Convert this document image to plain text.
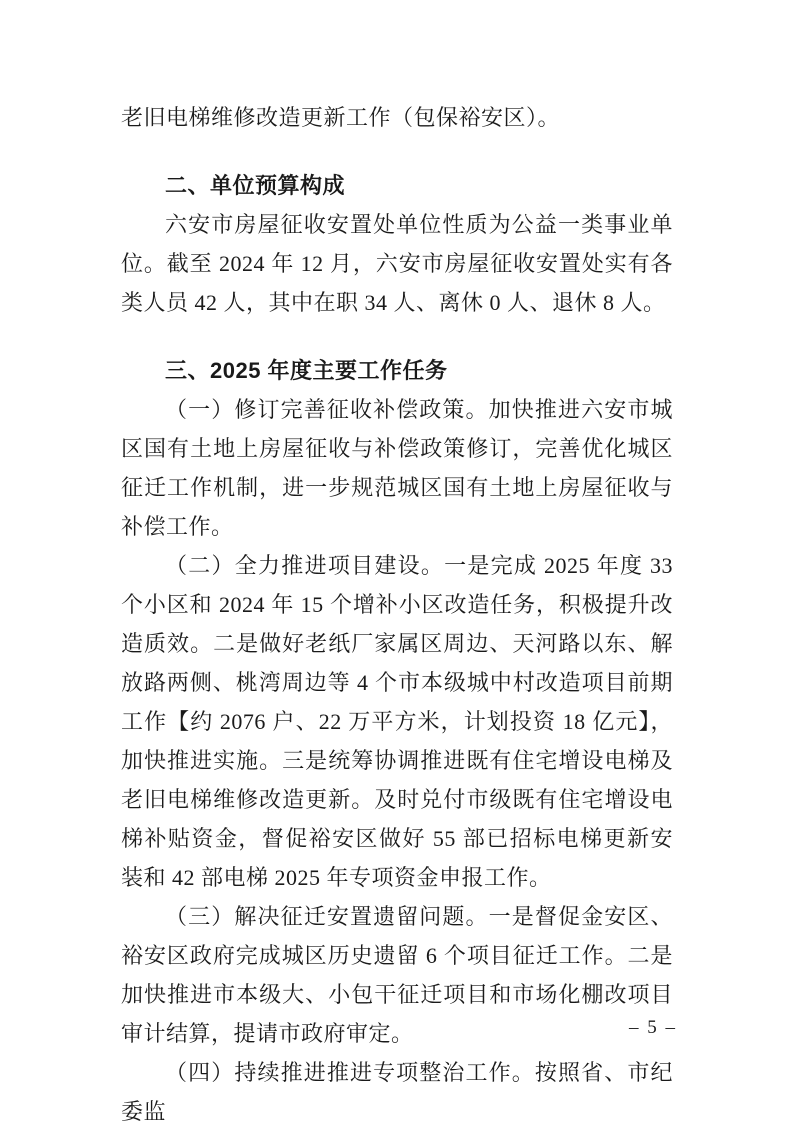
老旧电梯维修改造更新工作（包保裕安区）。

二、单位预算构成

六安市房屋征收安置处单位性质为公益一类事业单位。截至 2024 年 12 月，六安市房屋征收安置处实有各类人员 42 人，其中在职 34 人、离休 0 人、退休 8 人。

三、2025 年度主要工作任务

（一）修订完善征收补偿政策。加快推进六安市城区国有土地上房屋征收与补偿政策修订，完善优化城区征迁工作机制，进一步规范城区国有土地上房屋征收与补偿工作。

（二）全力推进项目建设。一是完成 2025 年度 33 个小区和 2024 年 15 个增补小区改造任务，积极提升改造质效。二是做好老纸厂家属区周边、天河路以东、解放路两侧、桃湾周边等 4 个市本级城中村改造项目前期工作【约 2076 户、22 万平方米，计划投资 18 亿元】，加快推进实施。三是统筹协调推进既有住宅增设电梯及老旧电梯维修改造更新。及时兑付市级既有住宅增设电梯补贴资金，督促裕安区做好 55 部已招标电梯更新安装和 42 部电梯 2025 年专项资金申报工作。

（三）解决征迁安置遗留问题。一是督促金安区、裕安区政府完成城区历史遗留 6 个项目征迁工作。二是加快推进市本级大、小包干征迁项目和市场化棚改项目审计结算，提请市政府审定。

（四）持续推进推进专项整治工作。按照省、市纪委监

– 5 –
